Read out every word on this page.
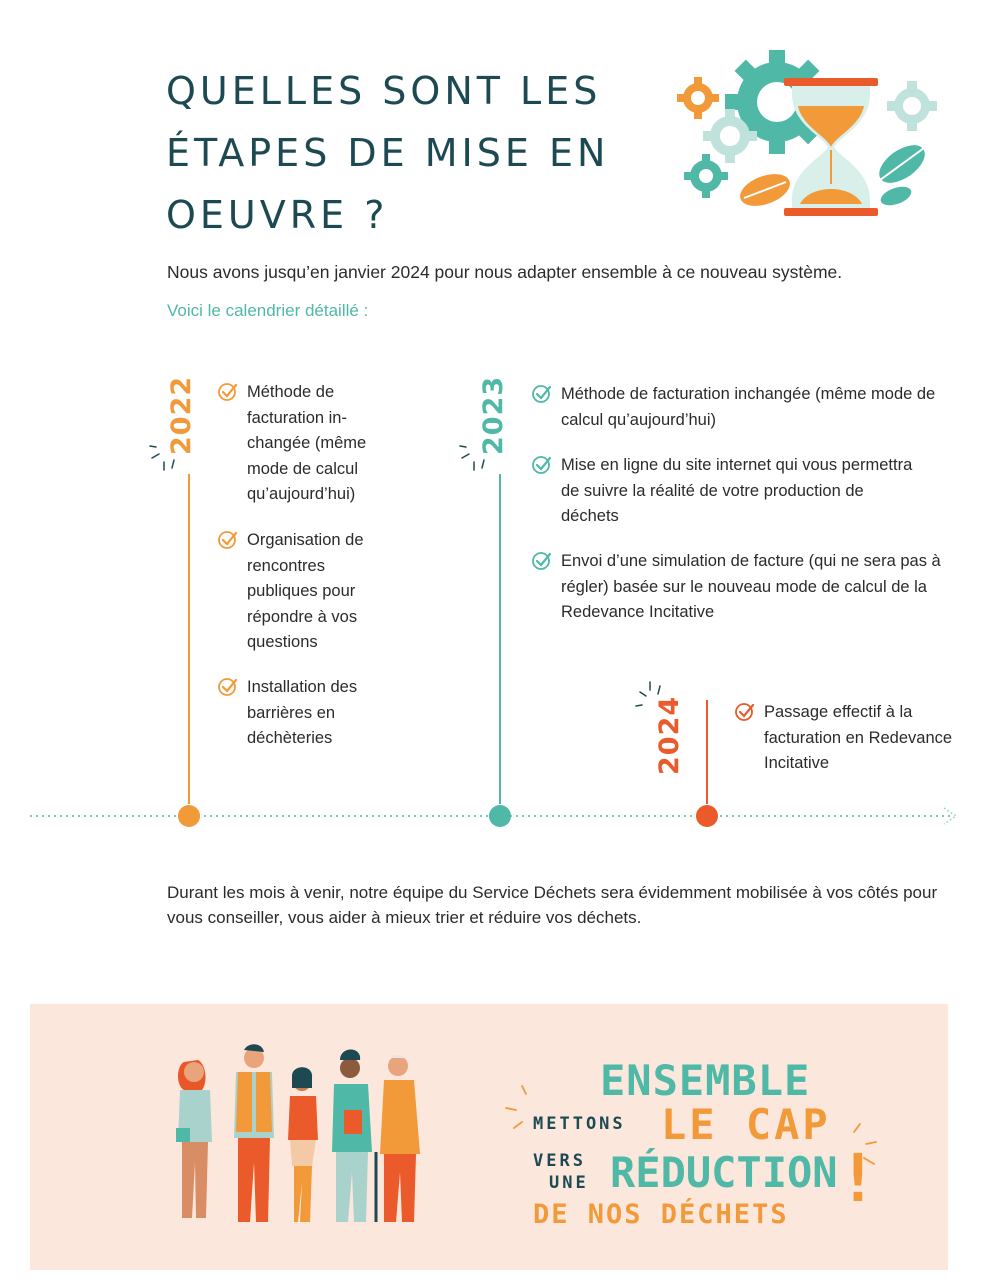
QUELLES SONT LES ÉTAPES DE MISE EN OEUVRE ?
Nous avons jusqu’en janvier 2024 pour nous adapter ensemble à ce nouveau système.
Voici le calendrier détaillé :
2022	Méthode de facturation in-changée (même mode de calcul qu’aujourd’hui)
Organisation de rencontres publiques pour répondre à vos questions
Installation des barrières en déchèteries
2023	Méthode de facturation inchangée (même mode de calcul qu’aujourd’hui)
Mise en ligne du site internet qui vous permettra de suivre la réalité de votre production de déchets
Envoi d’une simulation de facture (qui ne sera pas à régler) basée sur le nouveau mode de calcul de la Redevance Incitative
2024	Passage effectif à la facturation en Redevance Incitative
Durant les mois à venir, notre équipe du Service Déchets sera évidemment mobilisée à vos côtés pour vous conseiller, vous aider à mieux trier et réduire vos déchets.
ENSEMBLE
METTONS LE CAP
VERS
UNE RÉDUCTION
DE NOS DÉCHETS !
